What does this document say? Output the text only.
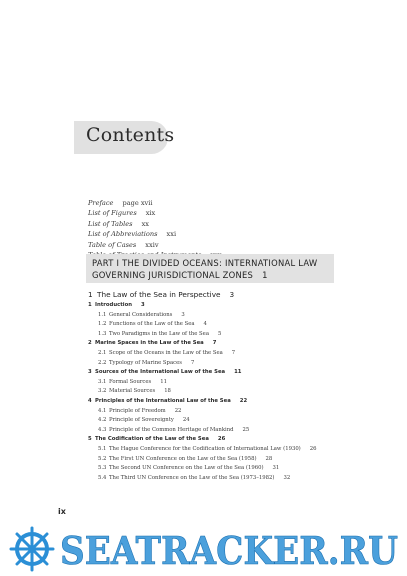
Contents
Preface page xvii
List of Figures xix
List of Tables xx
List of Abbreviations xxi
Table of Cases xxiv
PART I THE DIVIDED OCEANS: INTERNATIONAL LAW
GOVERNING JURISDICTIONAL ZONES 1
1 The Law of the Sea in Perspective 3
1 Introduction 3
1.1 General Considerations 3
1.2 Functions of the Law of the Sea 4
1.3 Two Paradigms in the Law of the Sea 5
2 Marine Spaces in the Law of the Sea 7
2.1 Scope of the Oceans in the Law of the Sea 7
2.2 Typology of Marine Spaces 7
3 Sources of the International Law of the Sea 11
3.1 Formal Sources 11
3.2 Material Sources 18
4 Principles of the International Law of the Sea 22
4.1 Principle of Freedom 22
4.2 Principle of Sovereignty 24
4.3 Principle of the Common Heritage of Mankind 25
5 The Codification of the Law of the Sea 26
5.1 The Hague Conference for the Codification of International Law (1930) 26
5.2 The First UN Conference on the Law of the Sea (1958) 28
5.3 The Second UN Conference on the Law of the Sea (1960) 31
5.4 The Third UN Conference on the Law of the Sea (1973–1982) 32
ix
SEATRACKER.RU
